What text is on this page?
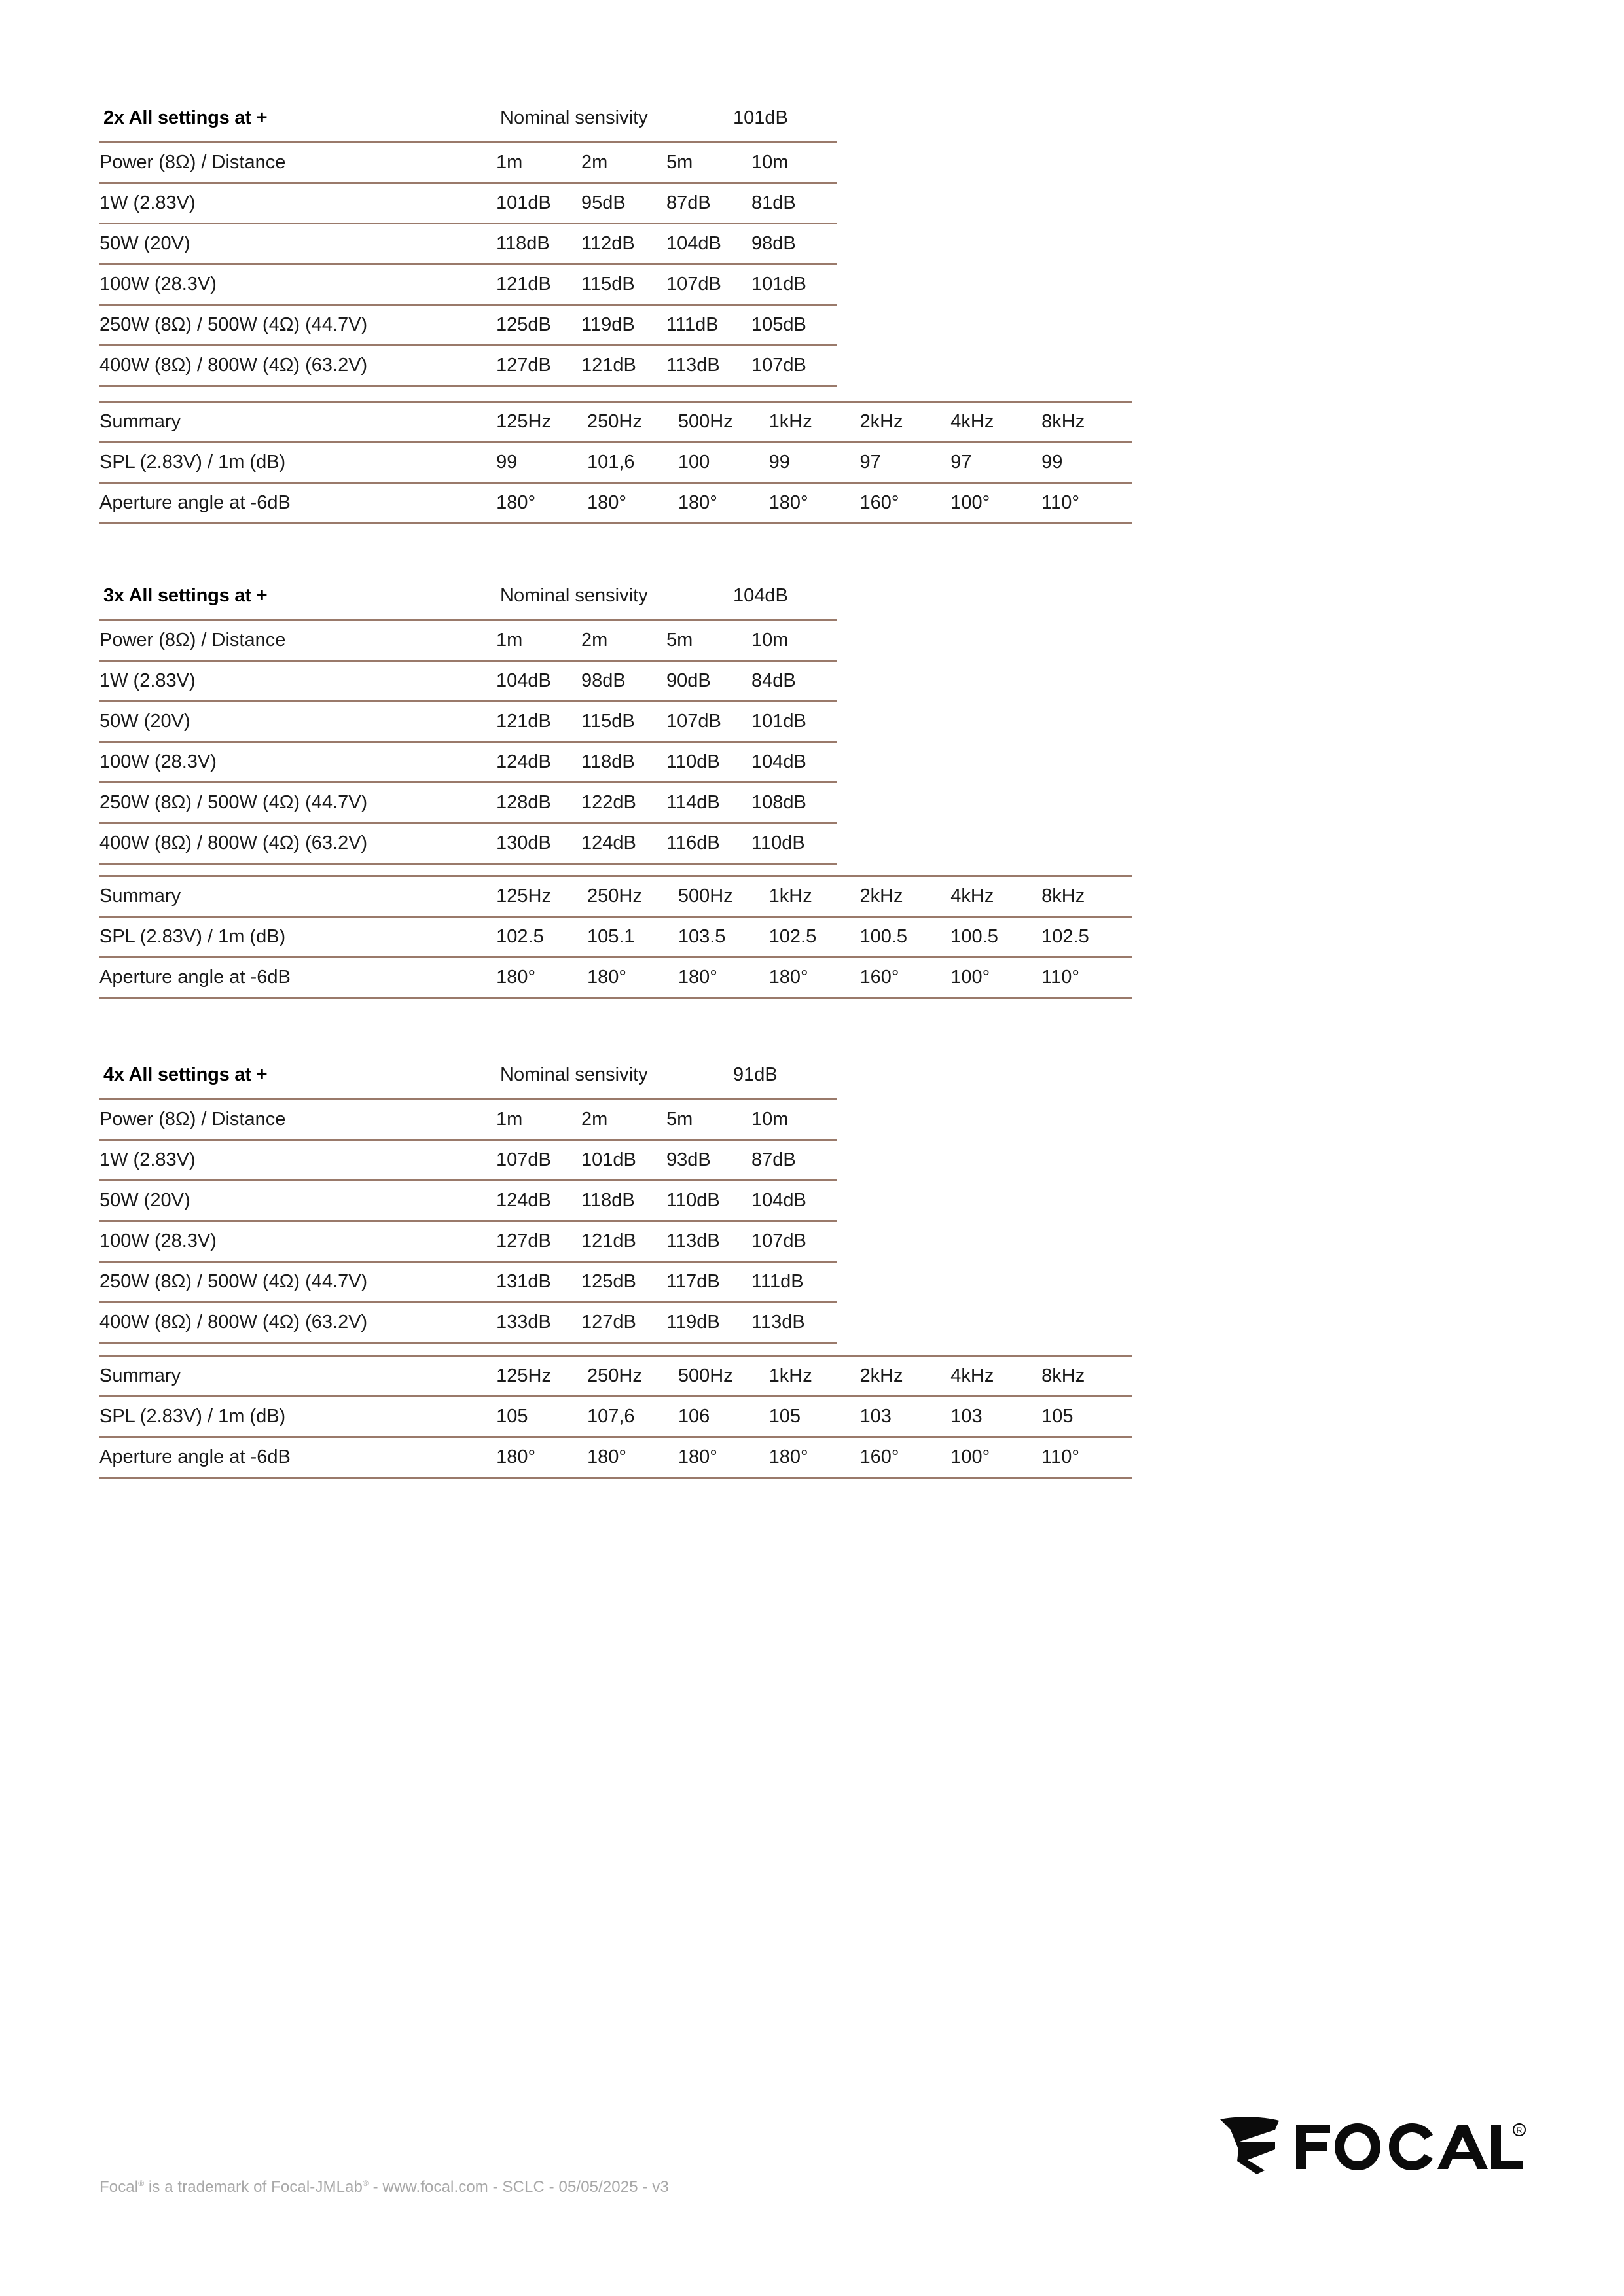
2x All settings at +	Nominal sensivity	101dB
Power (8Ω) / Distance	1m	2m	5m	10m
1W (2.83V)	101dB	95dB	87dB	81dB
50W (20V)	118dB	112dB	104dB	98dB
100W (28.3V)	121dB	115dB	107dB	101dB
250W (8Ω) / 500W (4Ω) (44.7V)	125dB	119dB	111dB	105dB
400W (8Ω) / 800W (4Ω) (63.2V)	127dB	121dB	113dB	107dB
Summary	125Hz	250Hz	500Hz	1kHz	2kHz	4kHz	8kHz
SPL (2.83V) / 1m (dB)	99	101,6	100	99	97	97	99
Aperture angle at -6dB	180°	180°	180°	180°	160°	100°	110°
3x All settings at +	Nominal sensivity	104dB
Power (8Ω) / Distance	1m	2m	5m	10m
1W (2.83V)	104dB	98dB	90dB	84dB
50W (20V)	121dB	115dB	107dB	101dB
100W (28.3V)	124dB	118dB	110dB	104dB
250W (8Ω) / 500W (4Ω) (44.7V)	128dB	122dB	114dB	108dB
400W (8Ω) / 800W (4Ω) (63.2V)	130dB	124dB	116dB	110dB
Summary	125Hz	250Hz	500Hz	1kHz	2kHz	4kHz	8kHz
SPL (2.83V) / 1m (dB)	102.5	105.1	103.5	102.5	100.5	100.5	102.5
Aperture angle at -6dB	180°	180°	180°	180°	160°	100°	110°
4x All settings at +	Nominal sensivity	91dB
Power (8Ω) / Distance	1m	2m	5m	10m
1W (2.83V)	107dB	101dB	93dB	87dB
50W (20V)	124dB	118dB	110dB	104dB
100W (28.3V)	127dB	121dB	113dB	107dB
250W (8Ω) / 500W (4Ω) (44.7V)	131dB	125dB	117dB	111dB
400W (8Ω) / 800W (4Ω) (63.2V)	133dB	127dB	119dB	113dB
Summary	125Hz	250Hz	500Hz	1kHz	2kHz	4kHz	8kHz
SPL (2.83V) / 1m (dB)	105	107,6	106	105	103	103	105
Aperture angle at -6dB	180°	180°	180°	180°	160°	100°	110°
Focal® is a trademark of Focal-JMLab® - www.focal.com - SCLC - 05/05/2025 - v3
R
